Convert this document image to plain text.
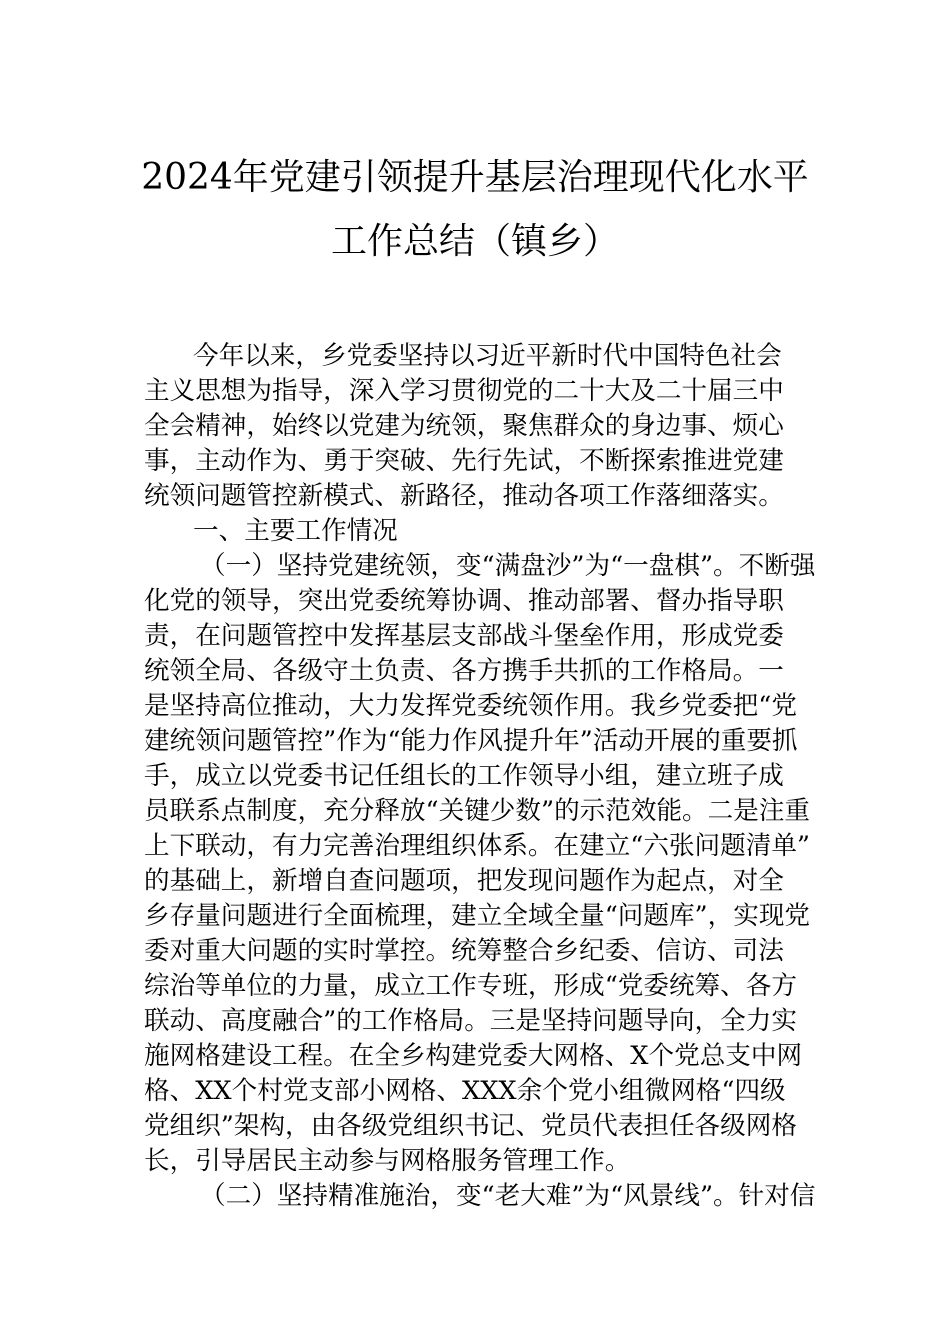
2024年党建引领提升基层治理现代化水平
工作总结（镇乡）
今年以来，乡党委坚持以习近平新时代中国特色社会
主义思想为指导，深入学习贯彻党的二十大及二十届三中
全会精神，始终以党建为统领，聚焦群众的身边事、烦心
事，主动作为、勇于突破、先行先试，不断探索推进党建
统领问题管控新模式、新路径，推动各项工作落细落实。
一、主要工作情况
（一）坚持党建统领，变“满盘沙”为“一盘棋”。不断强
化党的领导，突出党委统筹协调、推动部署、督办指导职
责，在问题管控中发挥基层支部战斗堡垒作用，形成党委
统领全局、各级守土负责、各方携手共抓的工作格局。一
是坚持高位推动，大力发挥党委统领作用。我乡党委把“党
建统领问题管控”作为“能力作风提升年”活动开展的重要抓
手，成立以党委书记任组长的工作领导小组，建立班子成
员联系点制度，充分释放“关键少数”的示范效能。二是注重
上下联动，有力完善治理组织体系。在建立“六张问题清单”
的基础上，新增自查问题项，把发现问题作为起点，对全
乡存量问题进行全面梳理，建立全域全量“问题库”，实现党
委对重大问题的实时掌控。统筹整合乡纪委、信访、司法
综治等单位的力量，成立工作专班，形成“党委统筹、各方
联动、高度融合”的工作格局。三是坚持问题导向，全力实
施网格建设工程。在全乡构建党委大网格、X个党总支中网
格、XX个村党支部小网格、XXX余个党小组微网格“四级
党组织”架构，由各级党组织书记、党员代表担任各级网格
长，引导居民主动参与网格服务管理工作。
（二）坚持精准施治，变“老大难”为“风景线”。针对信
